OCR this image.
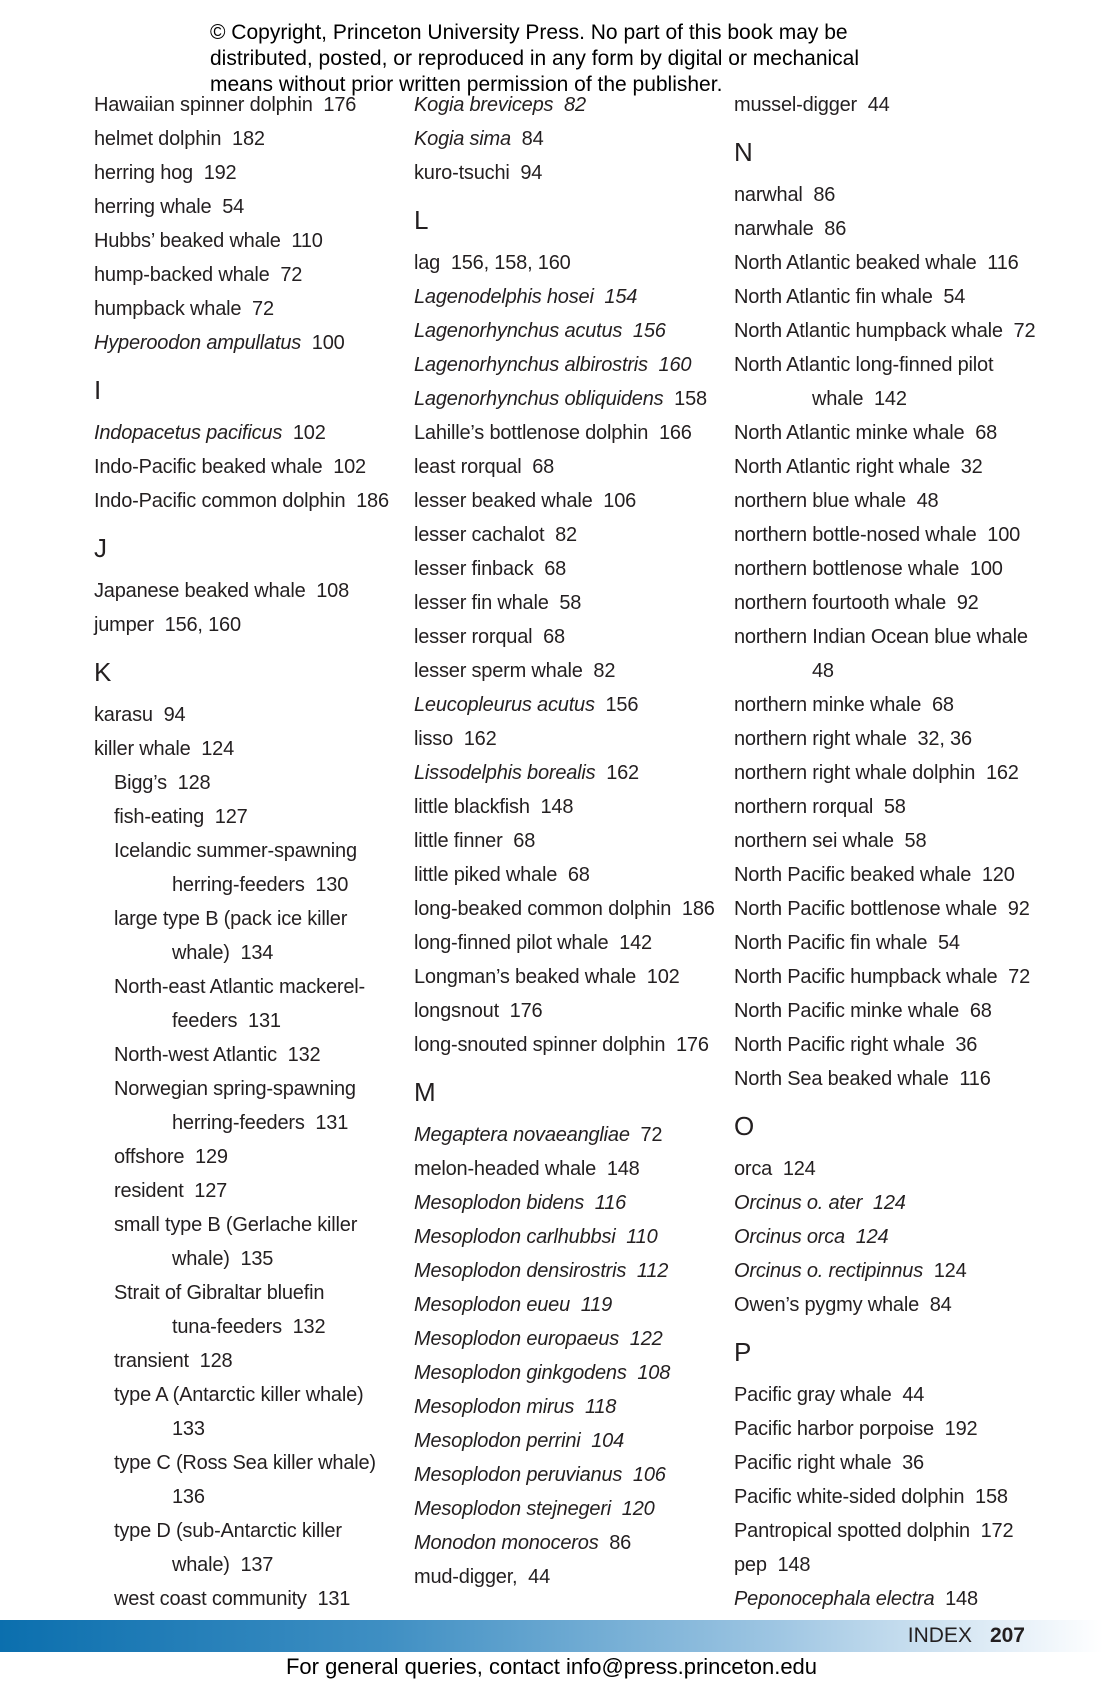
© Copyright, Princeton University Press. No part of this book may be
distributed, posted, or reproduced in any form by digital or mechanical
means without prior written permission of the publisher.
Hawaiian spinner dolphin 176
helmet dolphin 182
herring hog 192
herring whale 54
Hubbs’ beaked whale 110
hump-backed whale 72
humpback whale 72
Hyperoodon ampullatus 100
I
Indopacetus pacificus 102
Indo-Pacific beaked whale 102
Indo-Pacific common dolphin 186
J
Japanese beaked whale 108
jumper 156, 160
K
karasu 94
killer whale 124
Bigg’s 128
fish-eating 127
Icelandic summer-spawning
herring-feeders 130
large type B (pack ice killer
whale) 134
North-east Atlantic mackerel-
feeders 131
North-west Atlantic 132
Norwegian spring-spawning
herring-feeders 131
offshore 129
resident 127
small type B (Gerlache killer
whale) 135
Strait of Gibraltar bluefin
tuna-feeders 132
transient 128
type A (Antarctic killer whale)
133
type C (Ross Sea killer whale)
136
type D (sub-Antarctic killer
whale) 137
west coast community 131
Kogia breviceps 82
Kogia sima 84
kuro-tsuchi 94
L
lag 156, 158, 160
Lagenodelphis hosei 154
Lagenorhynchus acutus 156
Lagenorhynchus albirostris 160
Lagenorhynchus obliquidens 158
Lahille’s bottlenose dolphin 166
least rorqual 68
lesser beaked whale 106
lesser cachalot 82
lesser finback 68
lesser fin whale 58
lesser rorqual 68
lesser sperm whale 82
Leucopleurus acutus 156
lisso 162
Lissodelphis borealis 162
little blackfish 148
little finner 68
little piked whale 68
long-beaked common dolphin 186
long-finned pilot whale 142
Longman’s beaked whale 102
longsnout 176
long-snouted spinner dolphin 176
M
Megaptera novaeangliae 72
melon-headed whale 148
Mesoplodon bidens 116
Mesoplodon carlhubbsi 110
Mesoplodon densirostris 112
Mesoplodon eueu 119
Mesoplodon europaeus 122
Mesoplodon ginkgodens 108
Mesoplodon mirus 118
Mesoplodon perrini 104
Mesoplodon peruvianus 106
Mesoplodon stejnegeri 120
Monodon monoceros 86
mud-digger, 44
mussel-digger 44
N
narwhal 86
narwhale 86
North Atlantic beaked whale 116
North Atlantic fin whale 54
North Atlantic humpback whale 72
North Atlantic long-finned pilot
whale 142
North Atlantic minke whale 68
North Atlantic right whale 32
northern blue whale 48
northern bottle-nosed whale 100
northern bottlenose whale 100
northern fourtooth whale 92
northern Indian Ocean blue whale
48
northern minke whale 68
northern right whale 32, 36
northern right whale dolphin 162
northern rorqual 58
northern sei whale 58
North Pacific beaked whale 120
North Pacific bottlenose whale 92
North Pacific fin whale 54
North Pacific humpback whale 72
North Pacific minke whale 68
North Pacific right whale 36
North Sea beaked whale 116
O
orca 124
Orcinus o. ater 124
Orcinus orca 124
Orcinus o. rectipinnus 124
Owen’s pygmy whale 84
P
Pacific gray whale 44
Pacific harbor porpoise 192
Pacific right whale 36
Pacific white-sided dolphin 158
Pantropical spotted dolphin 172
pep 148
Peponocephala electra 148
INDEX 207
For general queries, contact info@press.princeton.edu
